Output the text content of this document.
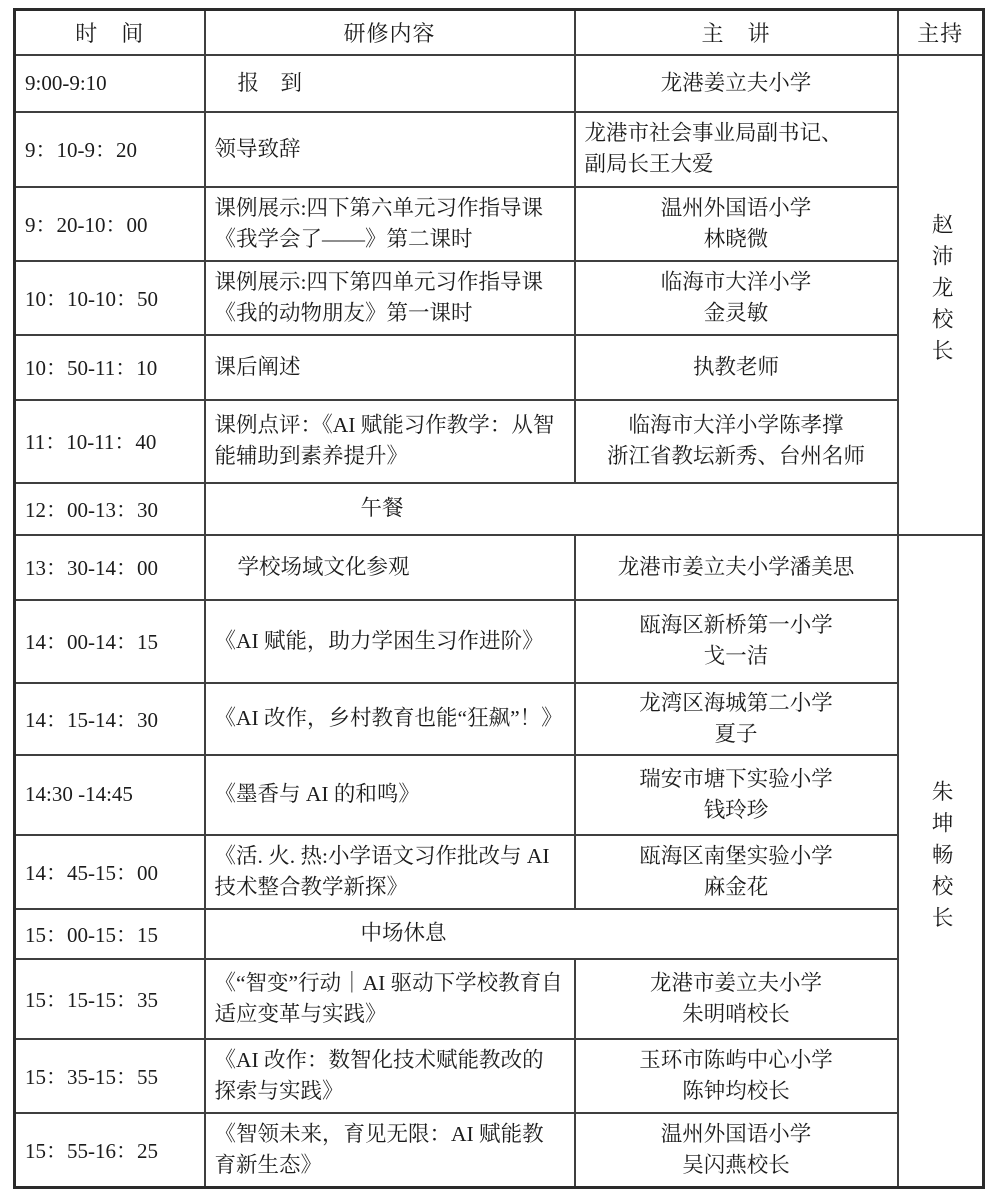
时　间	研修内容	主　讲	主持
9:00-9:10	报　到	龙港姜立夫小学	赵沛龙校长
9：10-9：20	领导致辞	龙港市社会事业局副书记、
副局长王大爱	

9：20-10：00	课例展示:四下第六单元习作指导课《我学会了——》第二课时	温州外国语小学
林晓微	

10：10-10：50	课例展示:四下第四单元习作指导课《我的动物朋友》第一课时	临海市大洋小学
金灵敏	

10：50-11：10	课后阐述	执教老师	
11：10-11：40	课例点评：《AI 赋能习作教学：从智能辅助到素养提升》	临海市大洋小学陈孝撑
浙江省教坛新秀、台州名师	

12：00-13：30	午餐		
13：30-14：00	学校场域文化参观	龙港市姜立夫小学潘美思	朱坤畅校长
14：00-14：15	《AI 赋能，助力学困生习作进阶》	瓯海区新桥第一小学
戈一洁	

14：15-14：30	《AI 改作，乡村教育也能“狂飙”！》	龙湾区海城第二小学
夏子	

14:30 -14:45	《墨香与 AI 的和鸣》	瑞安市塘下实验小学
钱玲珍	

14：45-15：00	《活. 火. 热:小学语文习作批改与 AI 技术整合教学新探》	瓯海区南堡实验小学
麻金花	

15：00-15：15	中场休息		
15：15-15：35	《“智变”行动｜AI 驱动下学校教育自适应变革与实践》	龙港市姜立夫小学
朱明哨校长	

15：35-15：55	《AI 改作：数智化技术赋能教改的探索与实践》	玉环市陈屿中心小学
陈钟均校长	

15：55-16：25	《智领未来，育见无限：AI 赋能教育新生态》	温州外国语小学
吴闪燕校长	
